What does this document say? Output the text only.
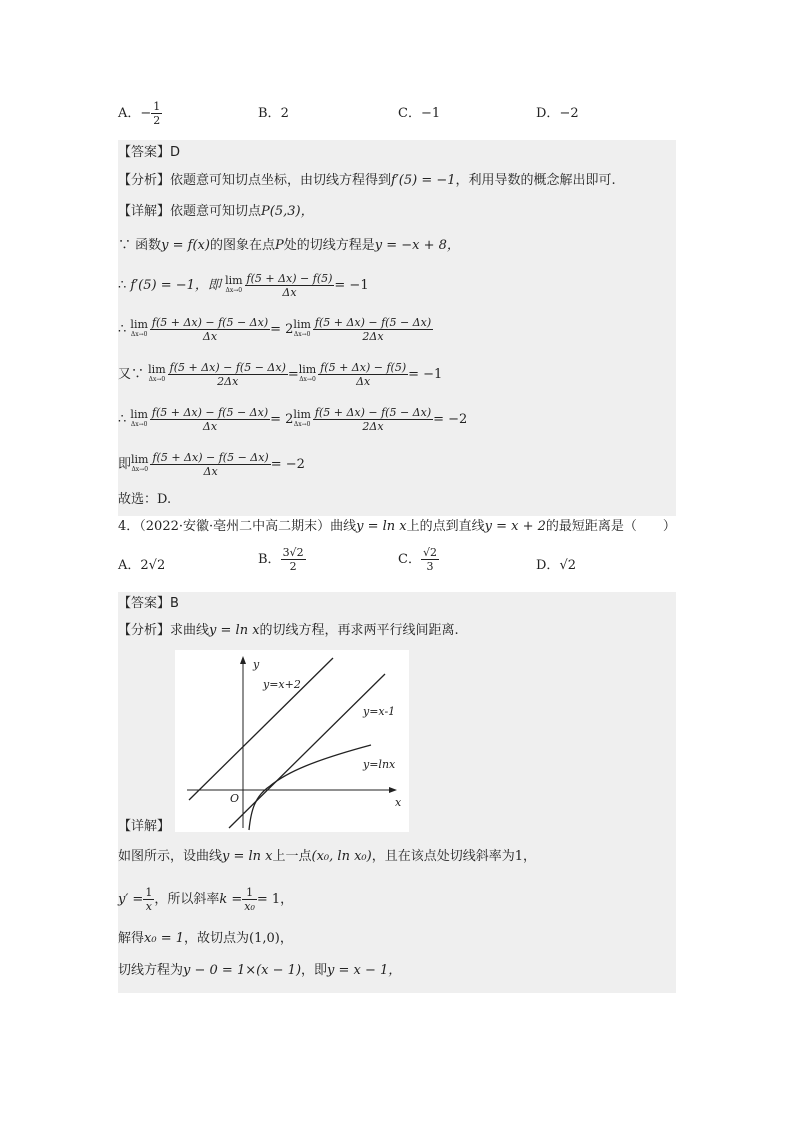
A．− $\frac{1}{2}$	B．2	C．−1	D．−2
【答案】D
【分析】依题意可知切点坐标，由切线方程得到f′(5) = −1，利用导数的概念解出即可.
【详解】依题意可知切点P(5,3)，
∵ 函数y = f(x)的图象在点P处的切线方程是y = −x + 8，
∴ f′(5) = −1，即 lim
$\Delta x\to 0 \frac{f(5 + \Delta x) - f(5)}{\Delta x} = -1$
∴ lim
$\Delta x\to 0 \frac{f(5 + \Delta x) - f(5 - \Delta x)}{\Delta x} = 2$ lim
$\Delta x\to 0 \frac{f(5 + \Delta x) - f(5 - \Delta x)}{2\Delta x}$
又∵ lim
$\Delta x\to 0 \frac{f(5 + \Delta x) - f(5 - \Delta x)}{2\Delta x} = \lim$
$\Delta x\to 0 \frac{f(5 + \Delta x) - f(5)}{\Delta x} = -1$
∴ lim
$\Delta x\to 0 \frac{f(5 + \Delta x) - f(5 - \Delta x)}{\Delta x} = 2$ lim
$\Delta x\to 0 \frac{f(5 + \Delta x) - f(5 - \Delta x)}{2\Delta x} = -2$
即 lim
$\Delta x\to 0 \frac{f(5 + \Delta x) - f(5 - \Delta x)}{\Delta x} = -2$
故选：D.
4．（2022·安徽·亳州二中高二期末）曲线y = ln x上的点到直线y = x + 2的最短距离是（　　）
A．2√2	B． $\frac{3√2}{2}$	C． $\frac{√2}{3}$	D．√2
【答案】B
【分析】求曲线y = ln x的切线方程，再求两平行线间距离.
y
x
O
y=x+2
y=x-1
y=lnx
【详解】
如图所示，设曲线y = ln x上一点(x₀, ln x₀)，且在该点处切线斜率为1，
$y' = \frac{1}{x}$ ，所以斜率$k = \frac{1}{\text{x₀}} = 1$，
解得x₀ = 1，故切点为(1,0)，
切线方程为y − 0 = 1×(x − 1)，即y = x − 1，
